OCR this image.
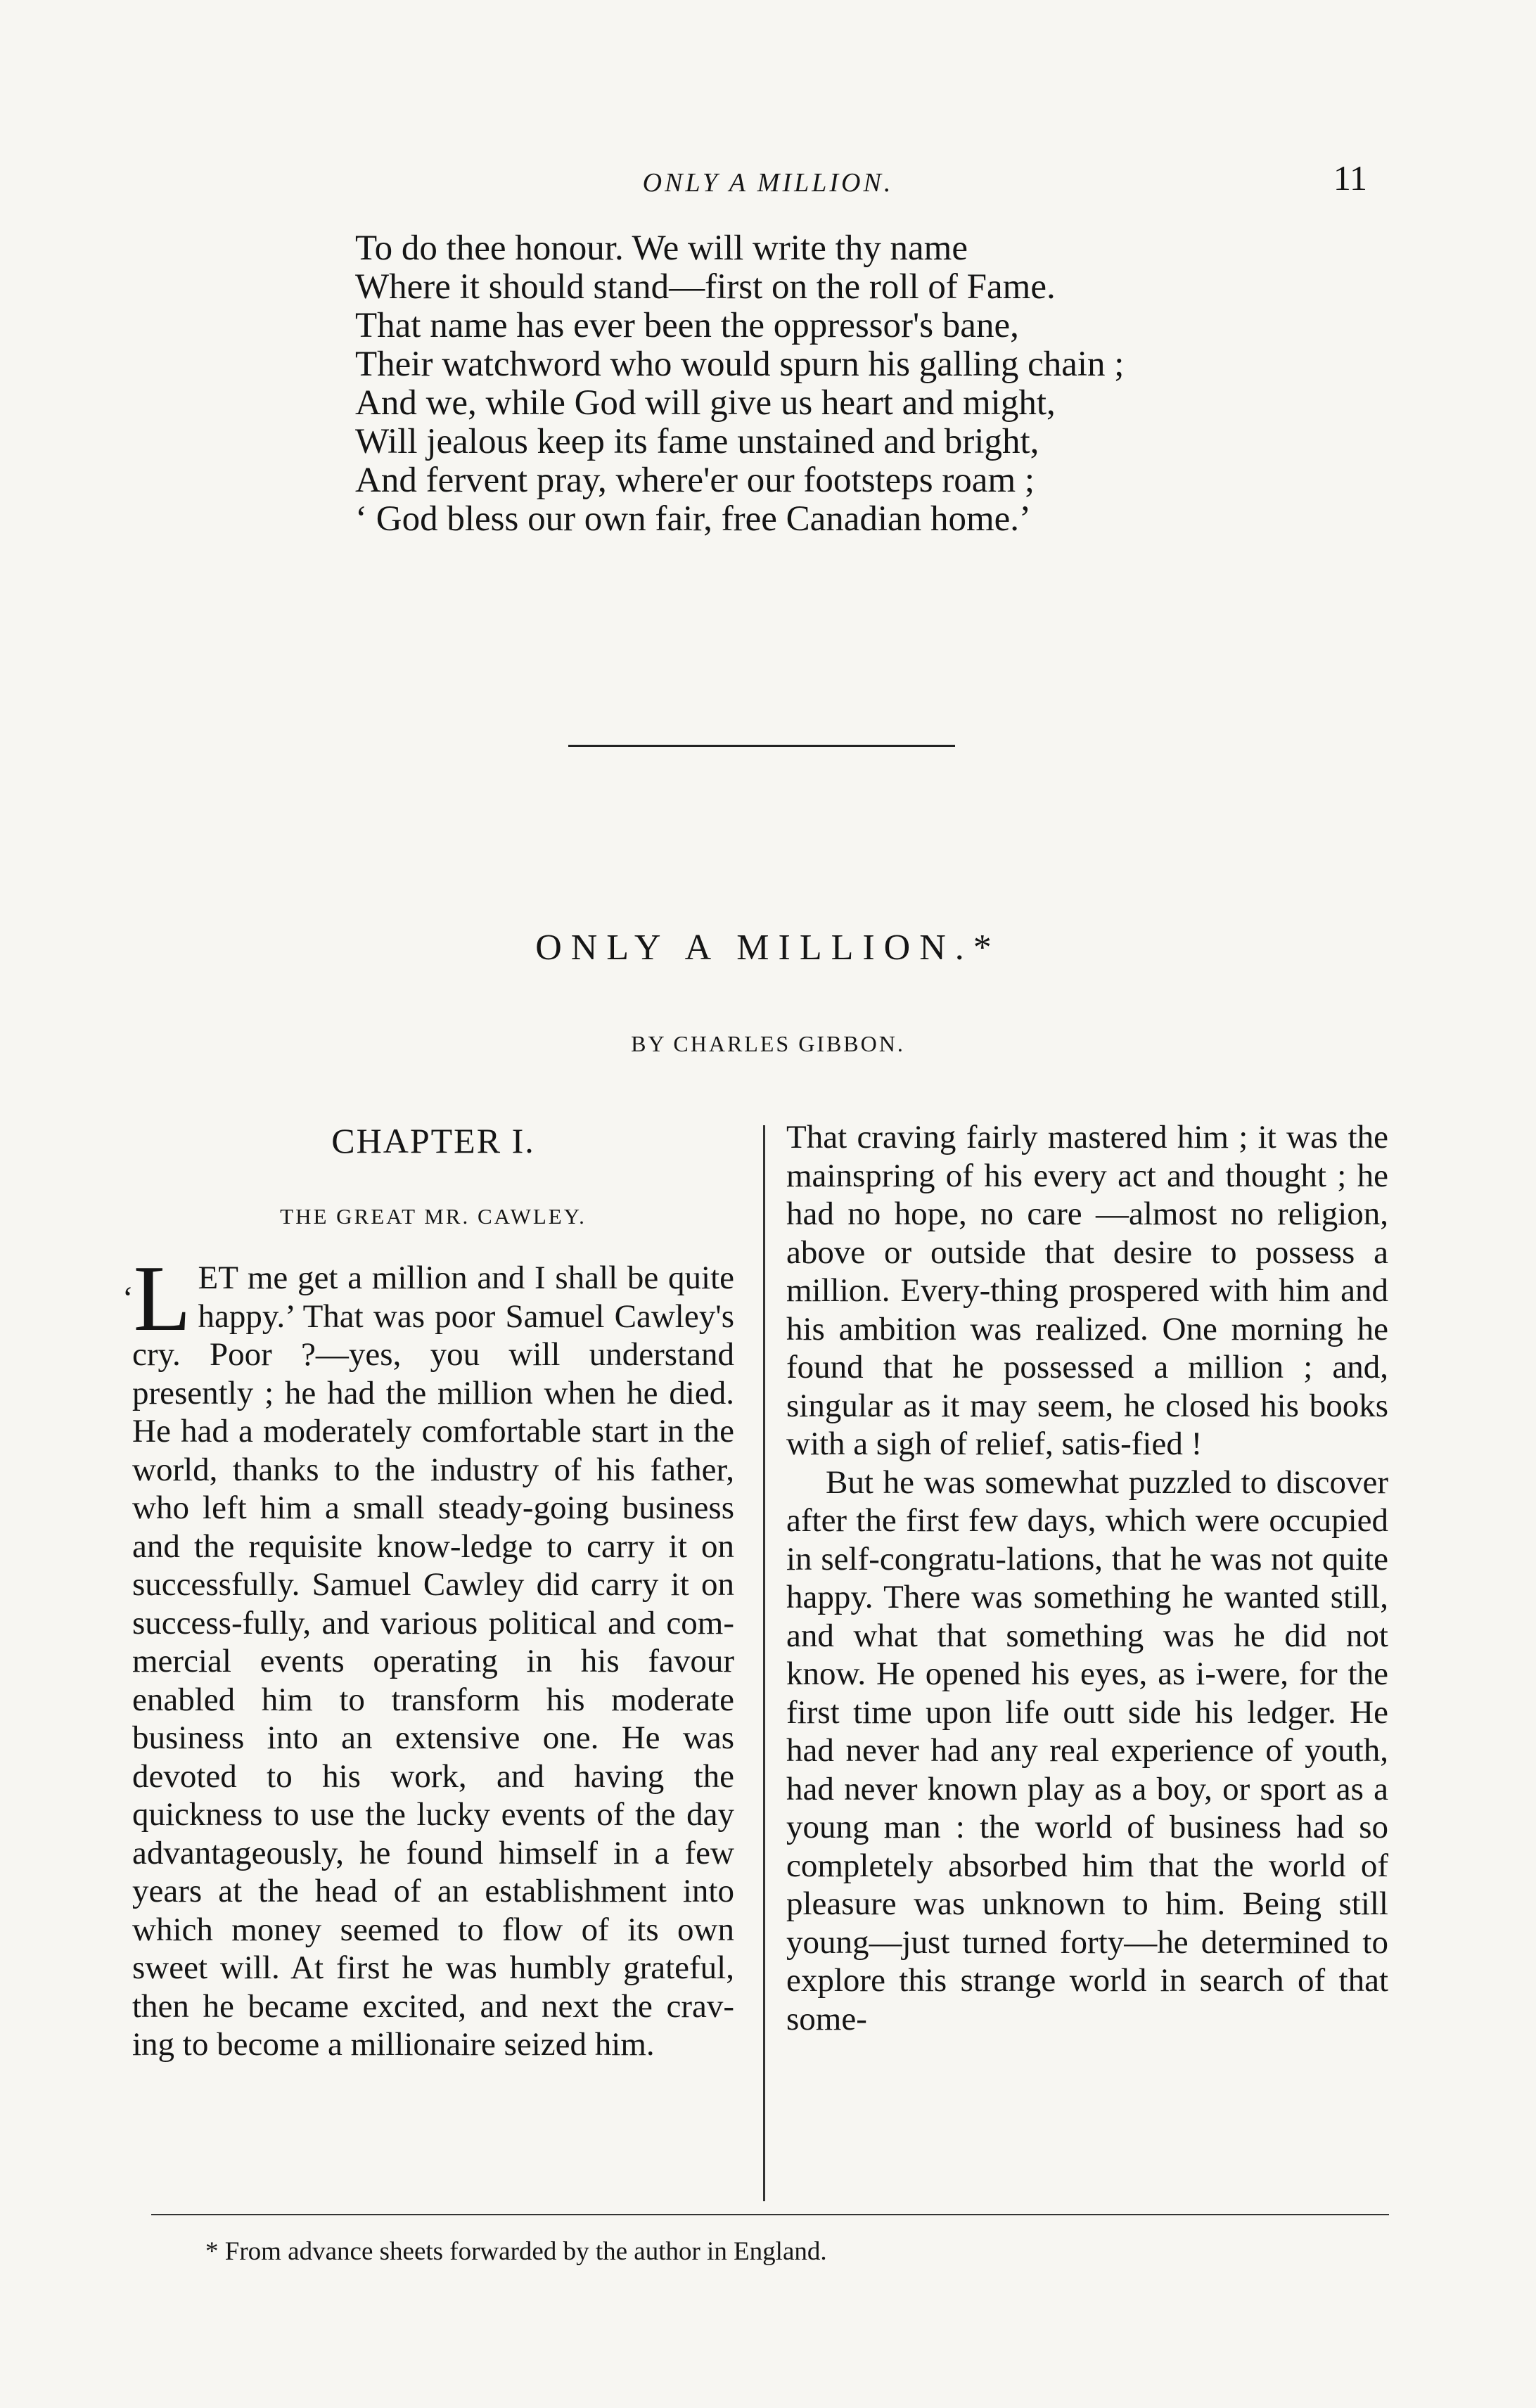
ONLY A MILLION.	11
To do thee honour. We will write thy name
Where it should stand—first on the roll of Fame.
That name has ever been the oppressor's bane,
Their watchword who would spurn his galling chain ;
And we, while God will give us heart and might,
Will jealous keep its fame unstained and bright,
And fervent pray, where'er our footsteps roam ;
‘ God bless our own fair, free Canadian home.’
ONLY A MILLION.*
BY CHARLES GIBBON.
CHAPTER I.
THE GREAT MR. CAWLEY.
‘L ET me get a million and I shall be quite happy.’ That was poor Samuel Cawley's cry. Poor ?—yes, you will understand presently ; he had the million when he died. He had a moderately comfortable start in the world, thanks to the industry of his father, who left him a small steady-going business and the requisite know-ledge to carry it on successfully. Samuel Cawley did carry it on success-fully, and various political and com-mercial events operating in his favour enabled him to transform his moderate business into an extensive one. He was devoted to his work, and having the quickness to use the lucky events of the day advantageously, he found himself in a few years at the head of an establishment into which money seemed to flow of its own sweet will. At first he was humbly grateful, then he became excited, and next the crav-ing to become a millionaire seized him.

That craving fairly mastered him ; it was the mainspring of his every act and thought ; he had no hope, no care —almost no religion, above or outside that desire to possess a million. Every-thing prospered with him and his ambition was realized. One morning he found that he possessed a million ; and, singular as it may seem, he closed his books with a sigh of relief, satis-fied !

But he was somewhat puzzled to discover after the first few days, which were occupied in self-congratu-lations, that he was not quite happy. There was something he wanted still, and what that something was he did not know. He opened his eyes, as i-were, for the first time upon life outt side his ledger. He had never had any real experience of youth, had never known play as a boy, or sport as a young man : the world of business had so completely absorbed him that the world of pleasure was unknown to him. Being still young—just turned forty—he determined to explore this strange world in search of that some-

* From advance sheets forwarded by the author in England.
